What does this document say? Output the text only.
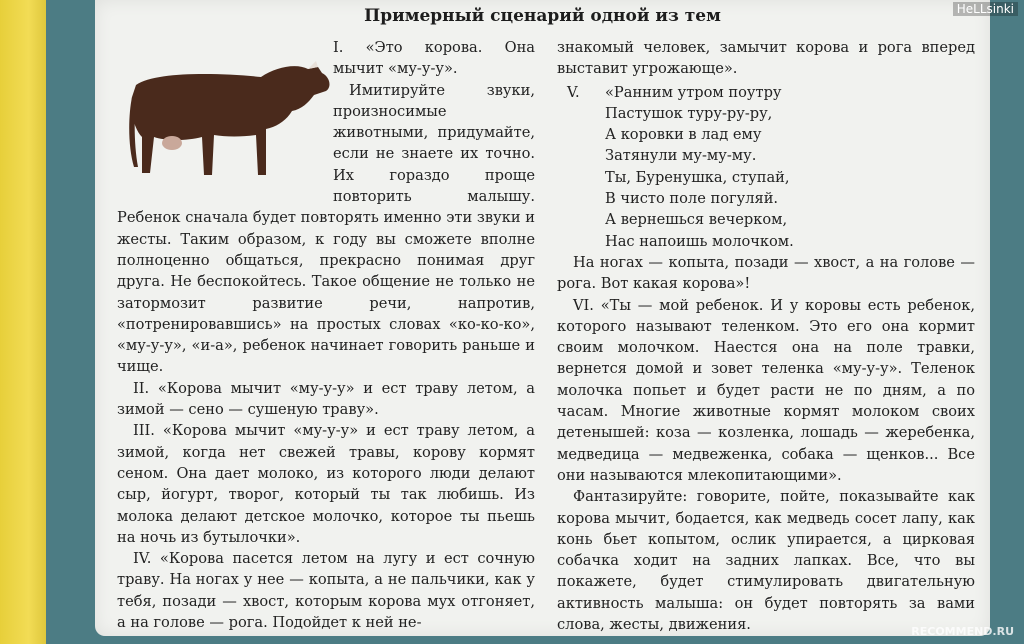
Примерный сценарий одной из тем

I. «Это корова. Она мычит «му-у-у».

Имитируйте звуки, произносимые животными, придумайте, если не знаете их точно. Их гораздо проще повторить малышу. Ребенок сначала будет повторять именно эти звуки и жесты. Таким образом, к году вы сможете вполне полноценно общаться, прекрасно понимая друг друга. Не беспокойтесь. Такое общение не только не затормозит развитие речи, напротив, «потренировавшись» на простых словах «ко-ко-ко», «му-у-у», «и-а», ребенок начинает говорить раньше и чище.

II. «Корова мычит «му-у-у» и ест траву летом, а зимой — сено — сушеную траву».

III. «Корова мычит «му-у-у» и ест траву летом, а зимой, когда нет свежей травы, корову кормят сеном. Она дает молоко, из которого люди делают сыр, йогурт, творог, который ты так любишь. Из молока делают детское молочко, которое ты пьешь на ночь из бутылочки».

IV. «Корова пасется летом на лугу и ест сочную траву. На ногах у нее — копыта, а не пальчики, как у тебя, позади — хвост, которым корова мух отгоняет, а на голове — рога. Подойдет к ней не-

знакомый человек, замычит корова и рога вперед выставит угрожающе».

V. «Ранним утром поутру

Пастушок туру-ру-ру,

А коровки в лад ему

Затянули му-му-му.

Ты, Буренушка, ступай,

В чисто поле погуляй.

А вернешься вечерком,

Нас напоишь молочком.

На ногах — копыта, позади — хвост, а на голове — рога. Вот какая корова»!

VI. «Ты — мой ребенок. И у коровы есть ребенок, которого называют теленком. Это его она кормит своим молочком. Наестся она на поле травки, вернется домой и зовет теленка «му-у-у». Теленок молочка попьет и будет расти не по дням, а по часам. Многие животные кормят молоком своих детенышей: коза — козленка, лошадь — жеребенка, медведица — медвеженка, собака — щенков... Все они называются млекопитающими».

Фантазируйте: говорите, пойте, показывайте как корова мычит, бодается, как медведь сосет лапу, как конь бьет копытом, ослик упирается, а цирковая собачка ходит на задних лапках. Все, что вы покажете, будет стимулировать двигательную активность малыша: он будет повторять за вами слова, жесты, движения.

HeLLsinki
RECOMMEND.RU
